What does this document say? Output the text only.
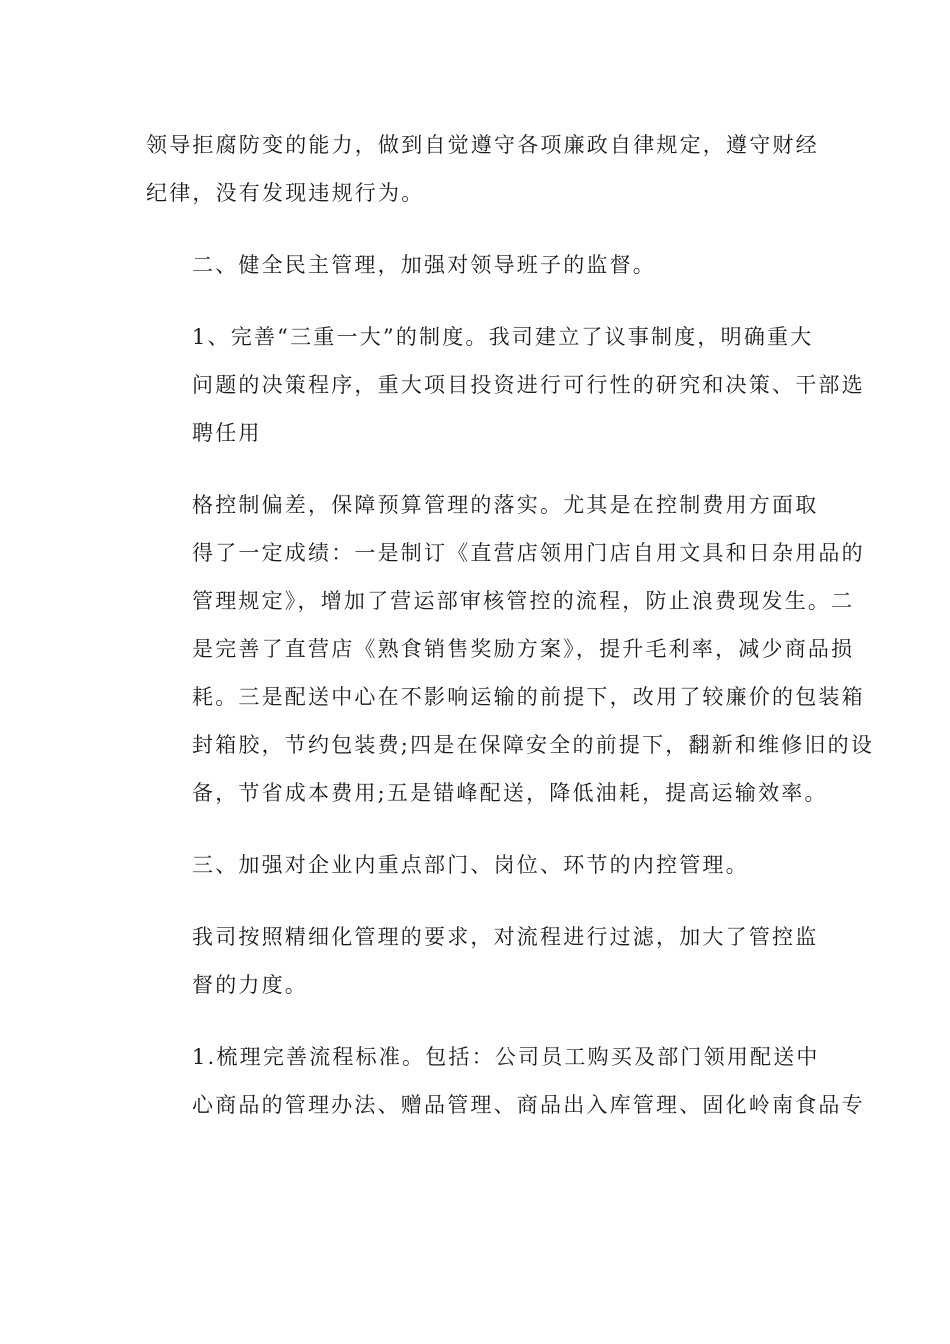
领导拒腐防变的能力，做到自觉遵守各项廉政自律规定，遵守财经
纪律，没有发现违规行为。

二、健全民主管理，加强对领导班子的监督。

1、完善“三重一大”的制度。我司建立了议事制度，明确重大
问题的决策程序，重大项目投资进行可行性的研究和决策、干部选
聘任用

格控制偏差，保障预算管理的落实。尤其是在控制费用方面取
得了一定成绩：一是制订《直营店领用门店自用文具和日杂用品的
管理规定》，增加了营运部审核管控的流程，防止浪费现发生。二
是完善了直营店《熟食销售奖励方案》，提升毛利率，减少商品损
耗。三是配送中心在不影响运输的前提下，改用了较廉价的包装箱
封箱胶，节约包装费;四是在保障安全的前提下，翻新和维修旧的设
备，节省成本费用;五是错峰配送，降低油耗，提高运输效率。

三、加强对企业内重点部门、岗位、环节的内控管理。

我司按照精细化管理的要求，对流程进行过滤，加大了管控监
督的力度。

1.梳理完善流程标准。包括：公司员工购买及部门领用配送中
心商品的管理办法、赠品管理、商品出入库管理、固化岭南食品专
